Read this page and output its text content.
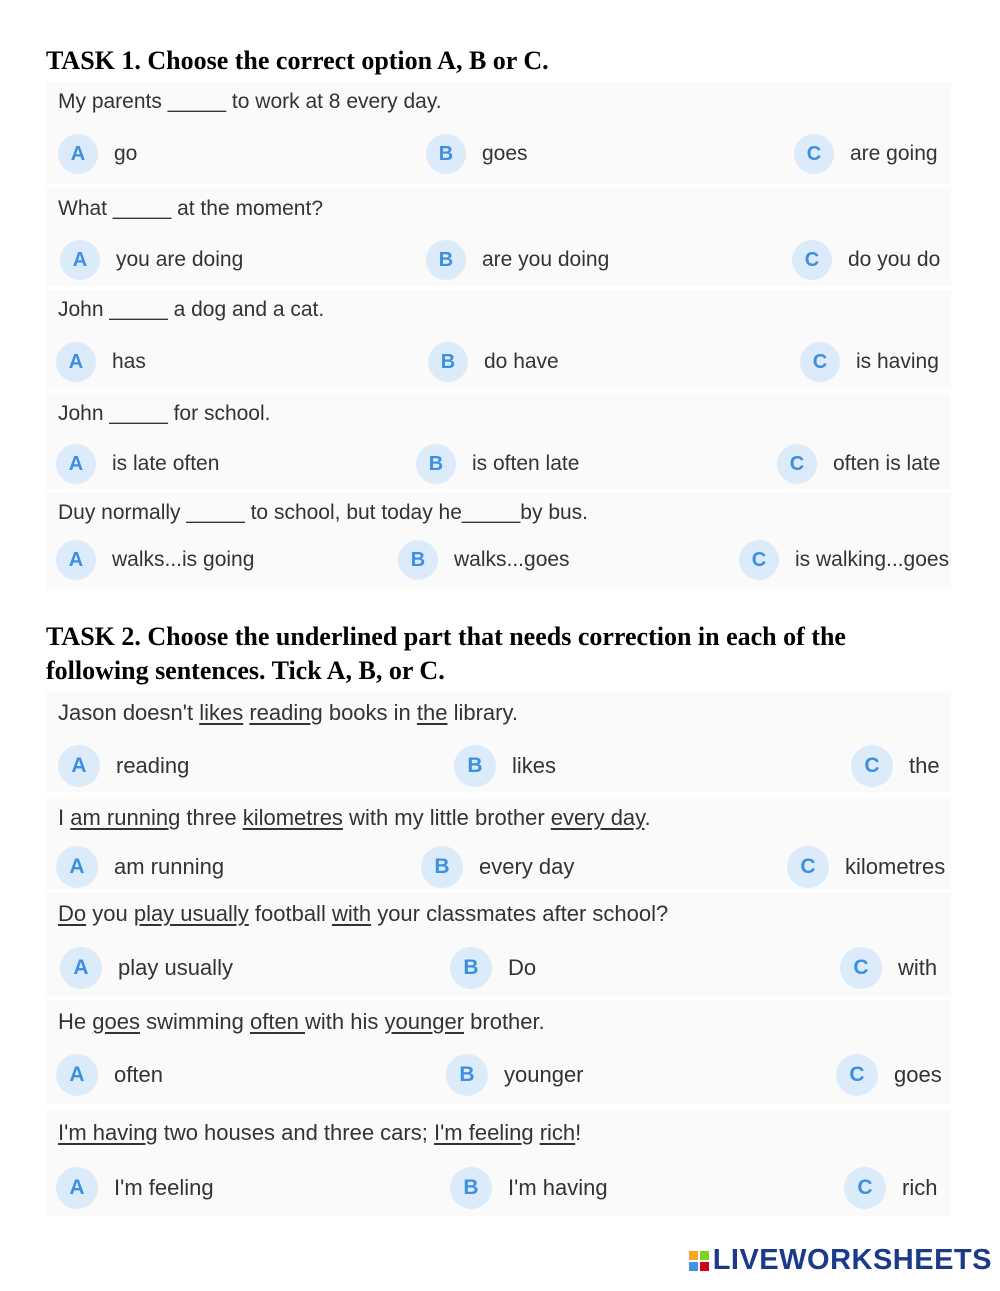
TASK 1. Choose the correct option A, B or C.
My parents _____ to work at 8 every day.
A	go	B	goes	C	are going
What _____ at the moment?
A	you are doing	B	are you doing	C	do you do
John _____ a dog and a cat.
A	has	B	do have	C	is having
John _____ for school.
A	is late often	B	is often late	C	often is late
Duy normally _____ to school, but today he_____by bus.
A	walks...is going	B	walks...goes	C	is walking...goes
TASK 2. Choose the underlined part that needs correction in each of the
following sentences. Tick A, B, or C.
Jason doesn't likes reading books in the library.
A	reading	B	likes	C	the
I am running three kilometres with my little brother every day.
A	am running	B	every day	C	kilometres
Do you play usually football with your classmates after school?
A	play usually	B	Do	C	with
He goes swimming often with his younger brother.
A	often	B	younger	C	goes
I'm having two houses and three cars; I'm feeling rich!
A	I'm feeling	B	I'm having	C	rich
LIVEWORKSHEETS
